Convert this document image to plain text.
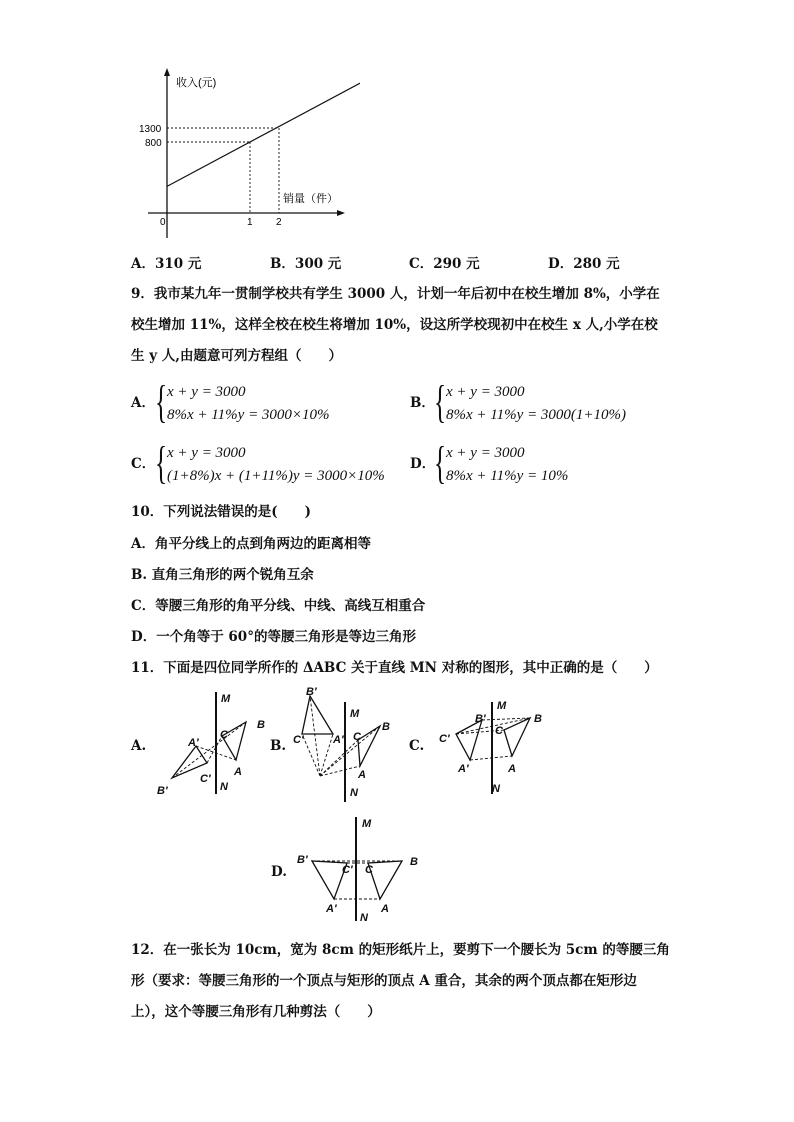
收入(元)
销量（件）
0	1 2
1300
800
A．310 元	B．300 元	C．290 元	D．280 元
9．我市某九年一贯制学校共有学生 3000 人，计划一年后初中在校生增加 8%，小学在
校生增加 11%，这样全校在校生将增加 10%，设这所学校现初中在校生 x 人,小学在校
生 y 人,由题意可列方程组（　　）
A． { x + y = 3000
8%x + 11%y = 3000×10%
B． { x + y = 3000
8%x + 11%y = 3000(1+10%)
C． { x + y = 3000
(1+8%)x + (1+11%)y = 3000×10%
D．
{ x + y = 3000
8%x + 11%y = 10%
10．下列说法错误的是(　　)
A．角平分线上的点到角两边的距离相等
B. 直角三角形的两个锐角互余
C．等腰三角形的角平分线、中线、高线互相重合
D．一个角等于 60°的等腰三角形是等边三角形
11．下面是四位同学所作的 ΔABC 关于直线 MN 对称的图形，其中正确的是（　　）
A.	B.	C.
D.
M
N
B
C
A
A′
C′
B′
B′
M
B
C′	A′ C
A
N
M
B′	B
C′
C
A′	A
N
M
B′
C′ C
B
A′	A
N
12．在一张长为 10cm，宽为 8cm 的矩形纸片上，要剪下一个腰长为 5cm 的等腰三角
形（要求：等腰三角形的一个顶点与矩形的顶点 A 重合，其余的两个顶点都在矩形边
上），这个等腰三角形有几种剪法（　　）
